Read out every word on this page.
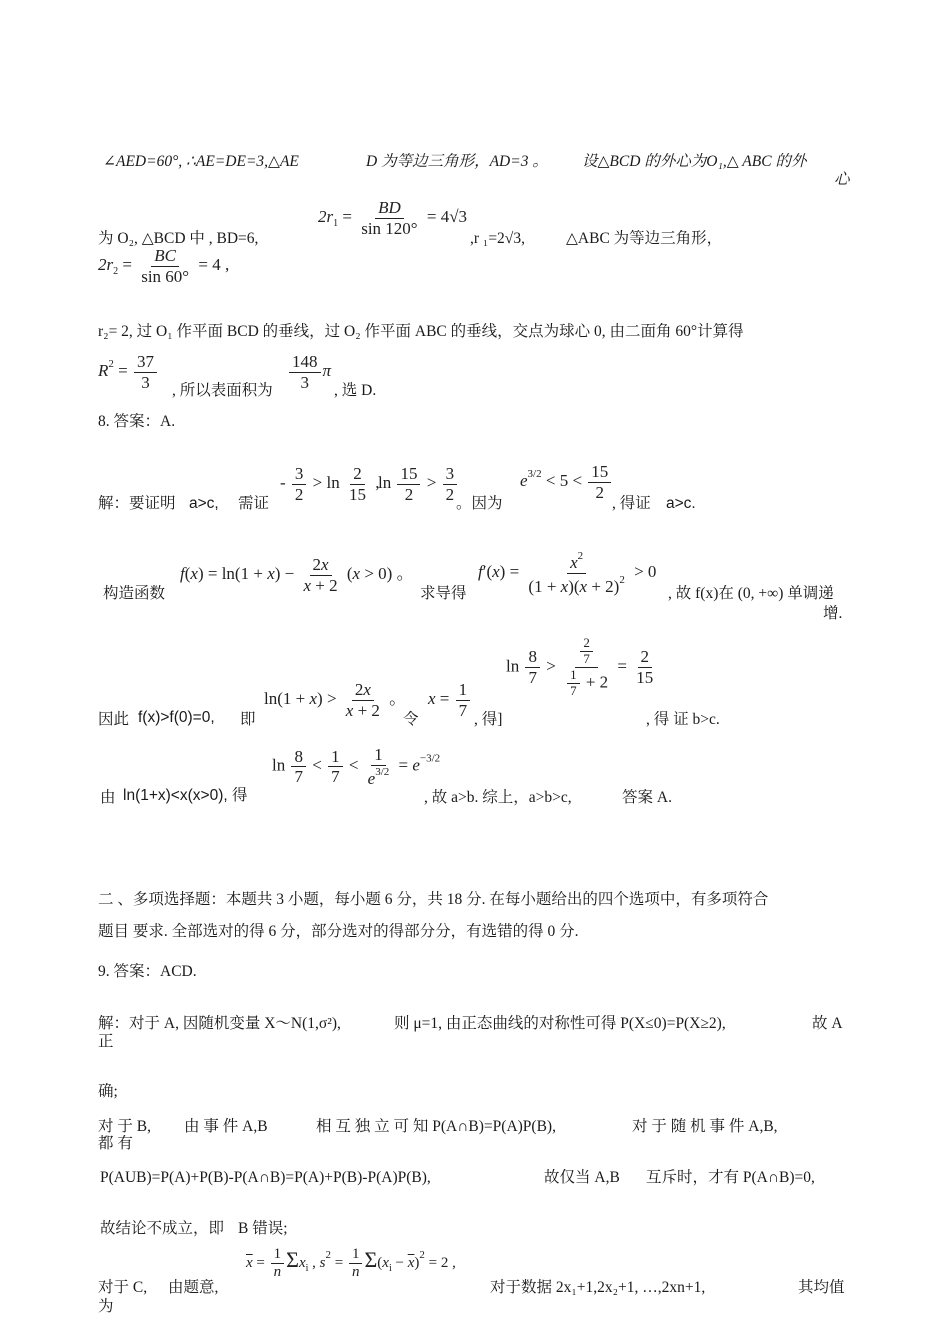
∠AED=60°, ∴AE=DE=3,△AE	D 为等边三角形，AD=3 。 设△BCD 的外心为O₁,△ ABC 的外
心
为 O₂, △BCD 中 , BD=6,
$2r_1 = \frac{BD}{\sin 120^\circ} = 4√3$
,r ₁=2√3,	△ABC 为等边三角形，
$2r_2 = \frac{BC}{\sin 60^\circ} = 4$ ,
r₂= 2, 过 O₁ 作平面 BCD 的垂线，过 O₂ 作平面 ABC 的垂线，交点为球心 0, 由二面角 60°计算得
$R^2 = \frac{37}{3}$ , 所以表面积为 $\frac{148}{3}$ π
, 选 D.
8. 答案：A.
解：要证明 a>c, 需证
- $\frac{3}{2} > \ln \frac{2}{15}$ ,
$\ln \frac{15}{2} > \frac{3}{2}$
。因为
$e^{3/2} < 5 < \frac{15}{2}$
, 得证 a>c.
构造函数
$f(x) = \ln(1 + x) - \frac{2x}{x + 2} (x > 0)$ 。
求导得
$f'(x) = \frac{x^2}{(1 + x)(x + 2)^2} > 0$
, 故 f(x)在 (0, +∞) 单调递
增.
因此 f(x)>f(0)=0, 即
$\ln(1 + x) > \frac{2x}{x + 2}$ 。
令
$x = \frac{1}{7}$ , 得]
$\ln \frac{8}{7} > \frac{\frac{2}{7}}{\frac{1}{7} + 2} = \frac{2}{15}$
, 得 证 b>c.
由 ln(1+x)<x(x>0), 得
$\ln \frac{8}{7} < \frac{1}{7} < \frac{1}{e^{3/2}} = e^{-3/2}$
, 故 a>b. 综上，a>b>c,	答案 A.
二 、多项选择题：本题共 3 小题，每小题 6 分，共 18 分. 在每小题给出的四个选项中，有多项符合
题目 要求. 全部选对的得 6 分，部分选对的得部分分，有选错的得 0 分.
9. 答案：ACD.
解：对于 A, 因随机变量 X～N(1,σ²),	则 μ=1, 由正态曲线的对称性可得 P(X≤0)=P(X≥2),	故 A
正
确;
对 于 B, 由 事 件 A,B	相 互 独 立 可 知 P(A∩B)=P(A)P(B),	对 于 随 机 事 件 A,B,
都 有
P(AUB)=P(A)+P(B)-P(A∩B)=P(A)+P(B)-P(A)P(B),	故仅当 A,B 互斥时，才有 P(A∩B)=0,
故结论不成立，即 B 错误;
对于 C, 由题意,
$\overline{x} = \frac{1}{n} \Sigma x_i$ , $s^2 = \frac{1}{n} \Sigma(x_i - \overline{x})^2 = 2$ ,
对于数据 2x₁+1,2x₂+1, …,2xn+1,	其均值
为
